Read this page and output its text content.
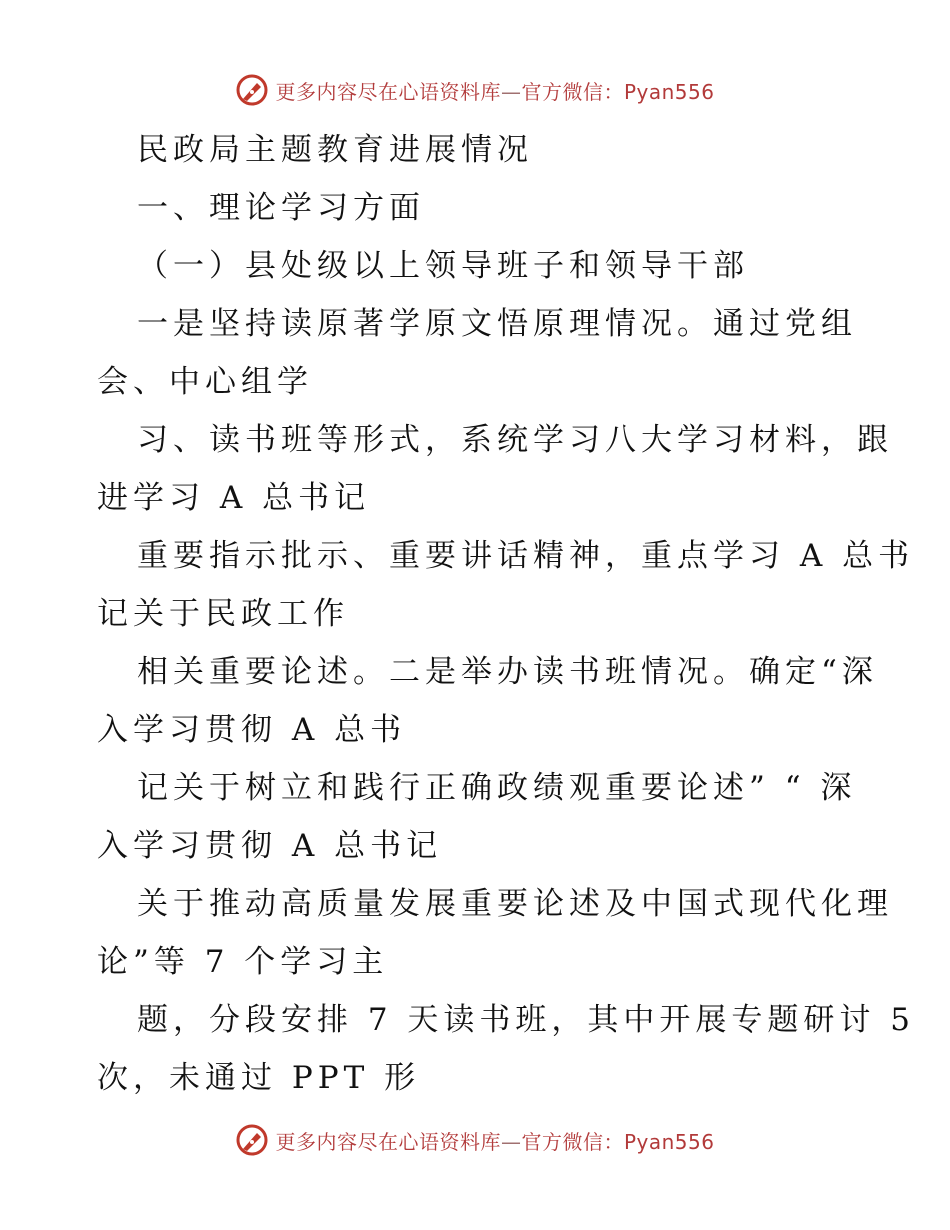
更多内容尽在心语资料库—官方微信：Pyan556
民政局主题教育进展情况
一、理论学习方面
（一）县处级以上领导班子和领导干部
一是坚持读原著学原文悟原理情况。通过党组
会、中心组学
习、读书班等形式，系统学习八大学习材料，跟
进学习 A 总书记
重要指示批示、重要讲话精神，重点学习 A 总书
记关于民政工作
相关重要论述。二是举办读书班情况。确定“深
入学习贯彻 A 总书
记关于树立和践行正确政绩观重要论述” “ 深
入学习贯彻 A 总书记
关于推动高质量发展重要论述及中国式现代化理
论”等 7 个学习主
题，分段安排 7 天读书班，其中开展专题研讨 5
次，未通过 PPT 形
更多内容尽在心语资料库—官方微信：Pyan556
